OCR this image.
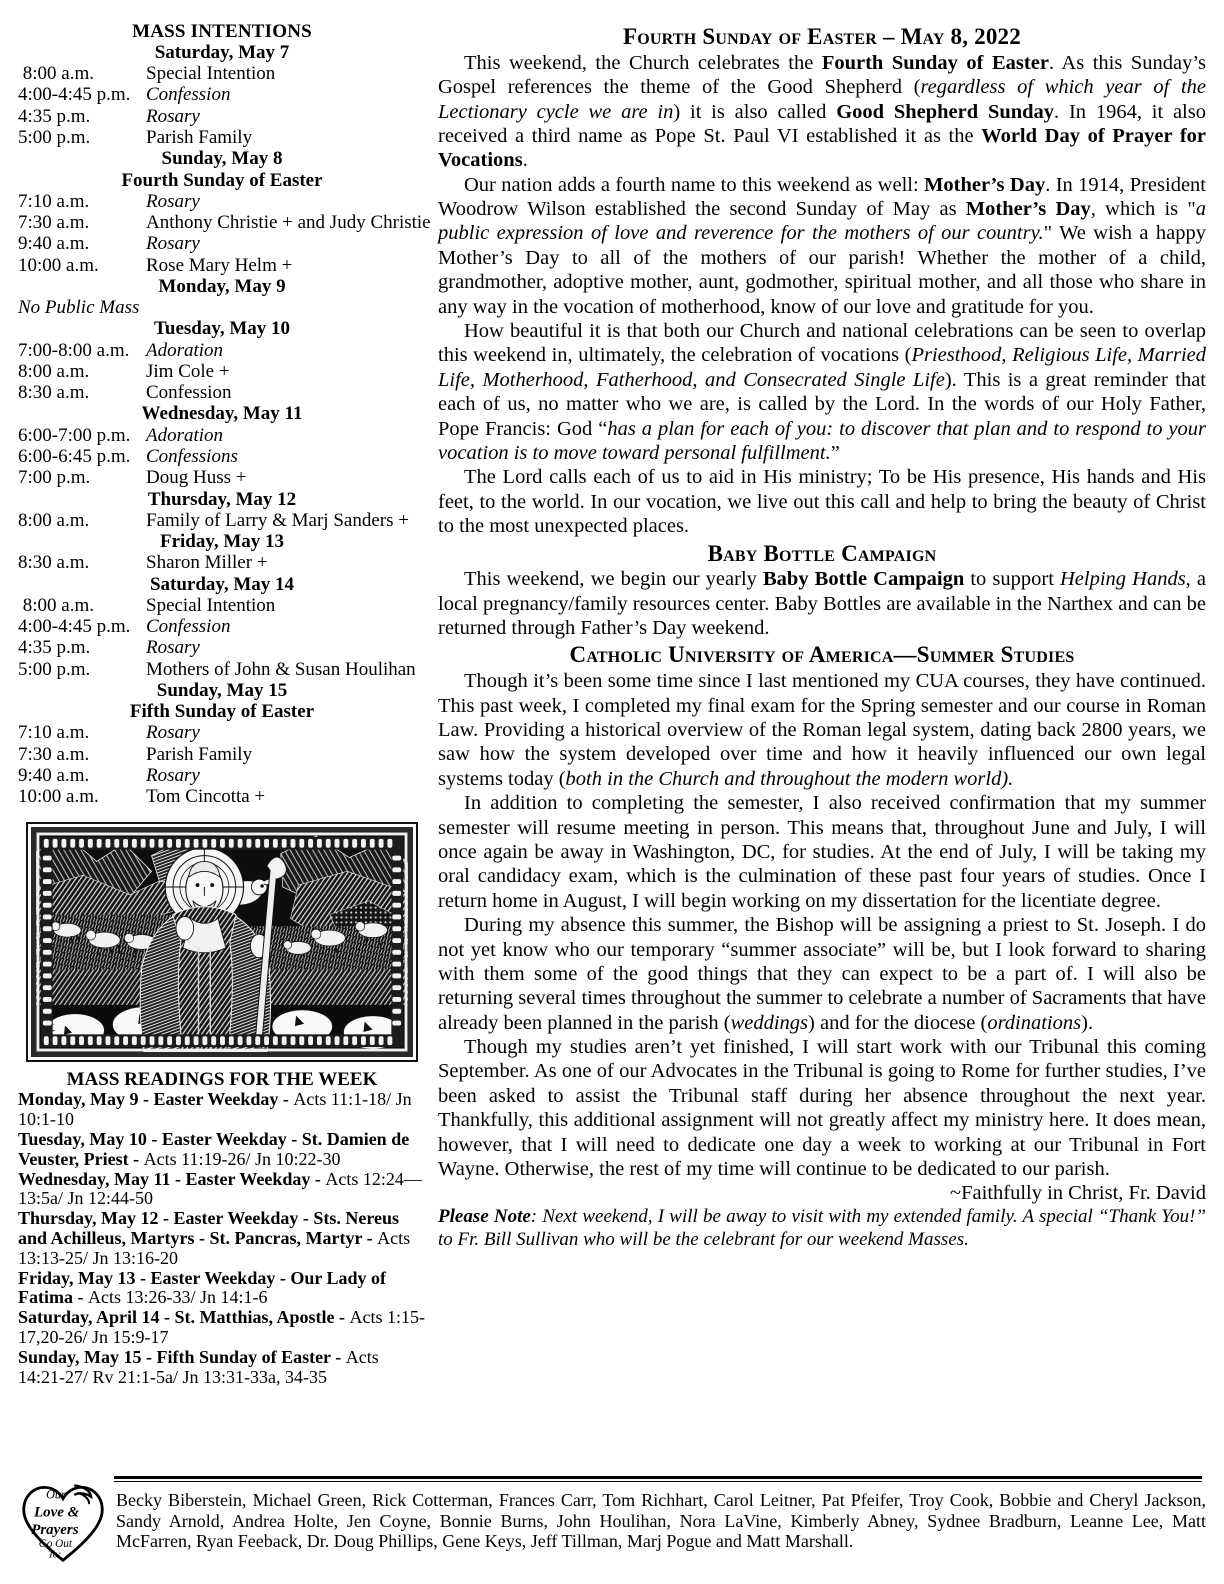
MASS INTENTIONS
Saturday, May 7
8:00 a.m.	Special Intention
4:00-4:45 p.m. Confession
4:35 p.m.	Rosary
5:00 p.m.	Parish Family
Sunday, May 8
Fourth Sunday of Easter
7:10 a.m.	Rosary
7:30 a.m.	Anthony Christie + and Judy Christie
9:40 a.m.	Rosary
10:00 a.m.	Rose Mary Helm +
Monday, May 9
No Public Mass
Tuesday, May 10
7:00-8:00 a.m. Adoration
8:00 a.m.	Jim Cole +
8:30 a.m.	Confession
Wednesday, May 11
6:00-7:00 p.m. Adoration
6:00-6:45 p.m. Confessions
7:00 p.m.	Doug Huss +
Thursday, May 12
8:00 a.m.	Family of Larry & Marj Sanders +
Friday, May 13
8:30 a.m.	Sharon Miller +
Saturday, May 14
8:00 a.m.	Special Intention
4:00-4:45 p.m. Confession
4:35 p.m.	Rosary
5:00 p.m.	Mothers of John & Susan Houlihan
Sunday, May 15
Fifth Sunday of Easter
7:10 a.m.	Rosary
7:30 a.m.	Parish Family
9:40 a.m.	Rosary
10:00 a.m.	Tom Cincotta +
MASS READINGS FOR THE WEEK
Monday, May 9 - Easter Weekday - Acts 11:1-18/ Jn 10:1-10
Tuesday, May 10 - Easter Weekday - St. Damien de Veuster, Priest - Acts 11:19-26/ Jn 10:22-30
Wednesday, May 11 - Easter Weekday - Acts 12:24—13:5a/ Jn 12:44-50
Thursday, May 12 - Easter Weekday - Sts. Nereus and Achilleus, Martyrs - St. Pancras, Martyr - Acts 13:13-25/ Jn 13:16-20
Friday, May 13 - Easter Weekday - Our Lady of Fatima - Acts 13:26-33/ Jn 14:1-6
Saturday, April 14 - St. Matthias, Apostle - Acts 1:15-17,20-26/ Jn 15:9-17
Sunday, May 15 - Fifth Sunday of Easter - Acts 14:21-27/ Rv 21:1-5a/ Jn 13:31-33a, 34-35
Fourth Sunday of Easter – May 8, 2022

This weekend, the Church celebrates the Fourth Sunday of Easter. As this Sunday’s Gospel references the theme of the Good Shepherd (regardless of which year of the Lectionary cycle we are in) it is also called Good Shepherd Sunday. In 1964, it also received a third name as Pope St. Paul VI established it as the World Day of Prayer for Vocations.

Our nation adds a fourth name to this weekend as well: Mother’s Day. In 1914, President Woodrow Wilson established the second Sunday of May as Mother’s Day, which is "a public expression of love and reverence for the mothers of our country." We wish a happy Mother’s Day to all of the mothers of our parish! Whether the mother of a child, grandmother, adoptive mother, aunt, godmother, spiritual mother, and all those who share in any way in the vocation of motherhood, know of our love and gratitude for you.

How beautiful it is that both our Church and national celebrations can be seen to overlap this weekend in, ultimately, the celebration of vocations (Priesthood, Religious Life, Married Life, Motherhood, Fatherhood, and Consecrated Single Life). This is a great reminder that each of us, no matter who we are, is called by the Lord. In the words of our Holy Father, Pope Francis: God “has a plan for each of you: to discover that plan and to respond to your vocation is to move toward personal fulfillment.”

The Lord calls each of us to aid in His ministry; To be His presence, His hands and His feet, to the world. In our vocation, we live out this call and help to bring the beauty of Christ to the most unexpected places.

Baby Bottle Campaign

This weekend, we begin our yearly Baby Bottle Campaign to support Helping Hands, a local pregnancy/family resources center. Baby Bottles are available in the Narthex and can be returned through Father’s Day weekend.

Catholic University of America—Summer Studies

Though it’s been some time since I last mentioned my CUA courses, they have continued. This past week, I completed my final exam for the Spring semester and our course in Roman Law. Providing a historical overview of the Roman legal system, dating back 2800 years, we saw how the system developed over time and how it heavily influenced our own legal systems today (both in the Church and throughout the modern world).

In addition to completing the semester, I also received confirmation that my summer semester will resume meeting in person. This means that, throughout June and July, I will once again be away in Washington, DC, for studies. At the end of July, I will be taking my oral candidacy exam, which is the culmination of these past four years of studies. Once I return home in August, I will begin working on my dissertation for the licentiate degree.

During my absence this summer, the Bishop will be assigning a priest to St. Joseph. I do not yet know who our temporary “summer associate” will be, but I look forward to sharing with them some of the good things that they can expect to be a part of. I will also be returning several times throughout the summer to celebrate a number of Sacraments that have already been planned in the parish (weddings) and for the diocese (ordinations).

Though my studies aren’t yet finished, I will start work with our Tribunal this coming September. As one of our Advocates in the Tribunal is going to Rome for further studies, I’ve been asked to assist the Tribunal staff during her absence throughout the next year. Thankfully, this additional assignment will not greatly affect my ministry here. It does mean, however, that I will need to dedicate one day a week to working at our Tribunal in Fort Wayne. Otherwise, the rest of my time will continue to be dedicated to our parish.

~Faithfully in Christ, Fr. David

Please Note: Next weekend, I will be away to visit with my extended family. A special “Thank You!” to Fr. Bill Sullivan who will be the celebrant for our weekend Masses.

Our
Love &
Prayers
Go Out
To:
Becky Biberstein, Michael Green, Rick Cotterman, Frances Carr, Tom Richhart, Carol Leitner, Pat Pfeifer, Troy Cook, Bobbie and Cheryl Jackson, Sandy Arnold, Andrea Holte, Jen Coyne, Bonnie Burns, John Houlihan, Nora LaVine, Kimberly Abney, Sydnee Bradburn, Leanne Lee, Matt McFarren, Ryan Feeback, Dr. Doug Phillips, Gene Keys, Jeff Tillman, Marj Pogue and Matt Marshall.
